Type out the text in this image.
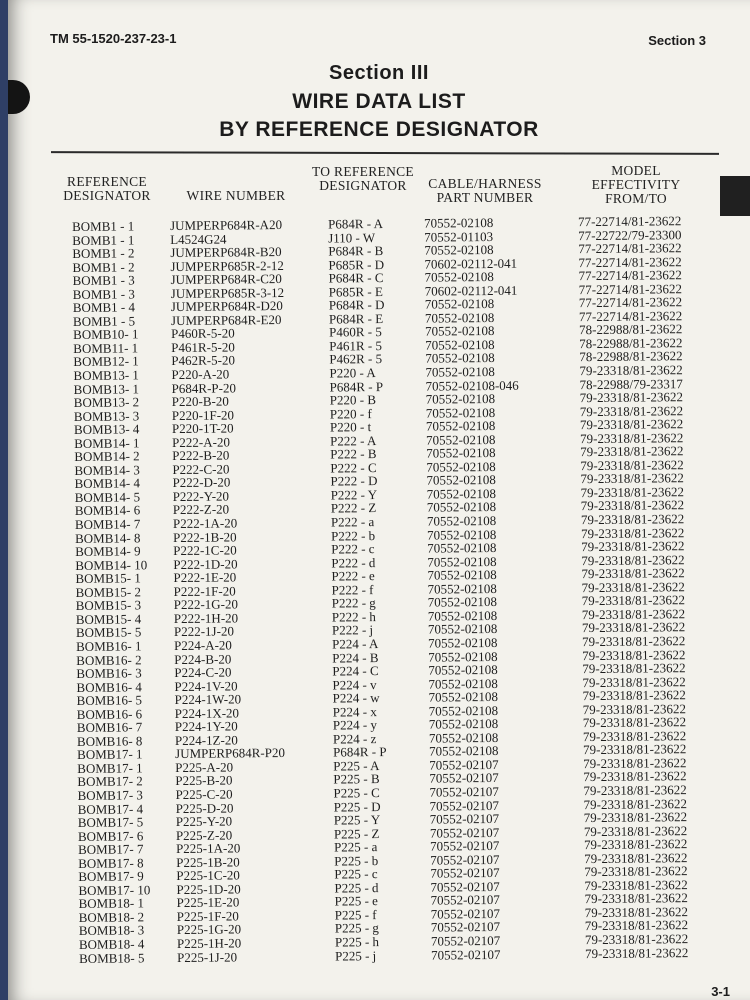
TM 55-1520-237-23-1	Section 3
Section III
WIRE DATA LIST
BY REFERENCE DESIGNATOR
REFERENCE DESIGNATOR	WIRE NUMBER
TO REFERENCE DESIGNATOR	CABLE/HARNESS PART NUMBER
MODEL EFFECTIVITY FROM/TO
BOMB1 - 1	JUMPERP684R-A20	P684R - A	70552-02108	77-22714/81-23622
BOMB1 - 1	L4524G24	J110 - W	70552-01103	77-22722/79-23300
BOMB1 - 2	JUMPERP684R-B20	P684R - B	70552-02108	77-22714/81-23622
BOMB1 - 2	JUMPERP685R-2-12	P685R - D	70602-02112-041	77-22714/81-23622
BOMB1 - 3	JUMPERP684R-C20	P684R - C	70552-02108	77-22714/81-23622
BOMB1 - 3	JUMPERP685R-3-12	P685R - E	70602-02112-041	77-22714/81-23622
BOMB1 - 4	JUMPERP684R-D20	P684R - D	70552-02108	77-22714/81-23622
BOMB1 - 5	JUMPERP684R-E20	P684R - E	70552-02108	77-22714/81-23622
BOMB10- 1	P460R-5-20	P460R - 5	70552-02108	78-22988/81-23622
BOMB11- 1	P461R-5-20	P461R - 5	70552-02108	78-22988/81-23622
BOMB12- 1	P462R-5-20	P462R - 5	70552-02108	78-22988/81-23622
BOMB13- 1	P220-A-20	P220 - A	70552-02108	79-23318/81-23622
BOMB13- 1	P684R-P-20	P684R - P	70552-02108-046	78-22988/79-23317
BOMB13- 2	P220-B-20	P220 - B	70552-02108	79-23318/81-23622
BOMB13- 3	P220-1F-20	P220 - f	70552-02108	79-23318/81-23622
BOMB13- 4	P220-1T-20	P220 - t	70552-02108	79-23318/81-23622
BOMB14- 1	P222-A-20	P222 - A	70552-02108	79-23318/81-23622
BOMB14- 2	P222-B-20	P222 - B	70552-02108	79-23318/81-23622
BOMB14- 3	P222-C-20	P222 - C	70552-02108	79-23318/81-23622
BOMB14- 4	P222-D-20	P222 - D	70552-02108	79-23318/81-23622
BOMB14- 5	P222-Y-20	P222 - Y	70552-02108	79-23318/81-23622
BOMB14- 6	P222-Z-20	P222 - Z	70552-02108	79-23318/81-23622
BOMB14- 7	P222-1A-20	P222 - a	70552-02108	79-23318/81-23622
BOMB14- 8	P222-1B-20	P222 - b	70552-02108	79-23318/81-23622
BOMB14- 9	P222-1C-20	P222 - c	70552-02108	79-23318/81-23622
BOMB14- 10	P222-1D-20	P222 - d	70552-02108	79-23318/81-23622
BOMB15- 1	P222-1E-20	P222 - e	70552-02108	79-23318/81-23622
BOMB15- 2	P222-1F-20	P222 - f	70552-02108	79-23318/81-23622
BOMB15- 3	P222-1G-20	P222 - g	70552-02108	79-23318/81-23622
BOMB15- 4	P222-1H-20	P222 - h	70552-02108	79-23318/81-23622
BOMB15- 5	P222-1J-20	P222 - j	70552-02108	79-23318/81-23622
BOMB16- 1	P224-A-20	P224 - A	70552-02108	79-23318/81-23622
BOMB16- 2	P224-B-20	P224 - B	70552-02108	79-23318/81-23622
BOMB16- 3	P224-C-20	P224 - C	70552-02108	79-23318/81-23622
BOMB16- 4	P224-1V-20	P224 - v	70552-02108	79-23318/81-23622
BOMB16- 5	P224-1W-20	P224 - w	70552-02108	79-23318/81-23622
BOMB16- 6	P224-1X-20	P224 - x	70552-02108	79-23318/81-23622
BOMB16- 7	P224-1Y-20	P224 - y	70552-02108	79-23318/81-23622
BOMB16- 8	P224-1Z-20	P224 - z	70552-02108	79-23318/81-23622
BOMB17- 1	JUMPERP684R-P20	P684R - P	70552-02108	79-23318/81-23622
BOMB17- 1	P225-A-20	P225 - A	70552-02107	79-23318/81-23622
BOMB17- 2	P225-B-20	P225 - B	70552-02107	79-23318/81-23622
BOMB17- 3	P225-C-20	P225 - C	70552-02107	79-23318/81-23622
BOMB17- 4	P225-D-20	P225 - D	70552-02107	79-23318/81-23622
BOMB17- 5	P225-Y-20	P225 - Y	70552-02107	79-23318/81-23622
BOMB17- 6	P225-Z-20	P225 - Z	70552-02107	79-23318/81-23622
BOMB17- 7	P225-1A-20	P225 - a	70552-02107	79-23318/81-23622
BOMB17- 8	P225-1B-20	P225 - b	70552-02107	79-23318/81-23622
BOMB17- 9	P225-1C-20	P225 - c	70552-02107	79-23318/81-23622
BOMB17- 10	P225-1D-20	P225 - d	70552-02107	79-23318/81-23622
BOMB18- 1	P225-1E-20	P225 - e	70552-02107	79-23318/81-23622
BOMB18- 2	P225-1F-20	P225 - f	70552-02107	79-23318/81-23622
BOMB18- 3	P225-1G-20	P225 - g	70552-02107	79-23318/81-23622
BOMB18- 4	P225-1H-20	P225 - h	70552-02107	79-23318/81-23622
BOMB18- 5	P225-1J-20	P225 - j	70552-02107	79-23318/81-23622
3-1
